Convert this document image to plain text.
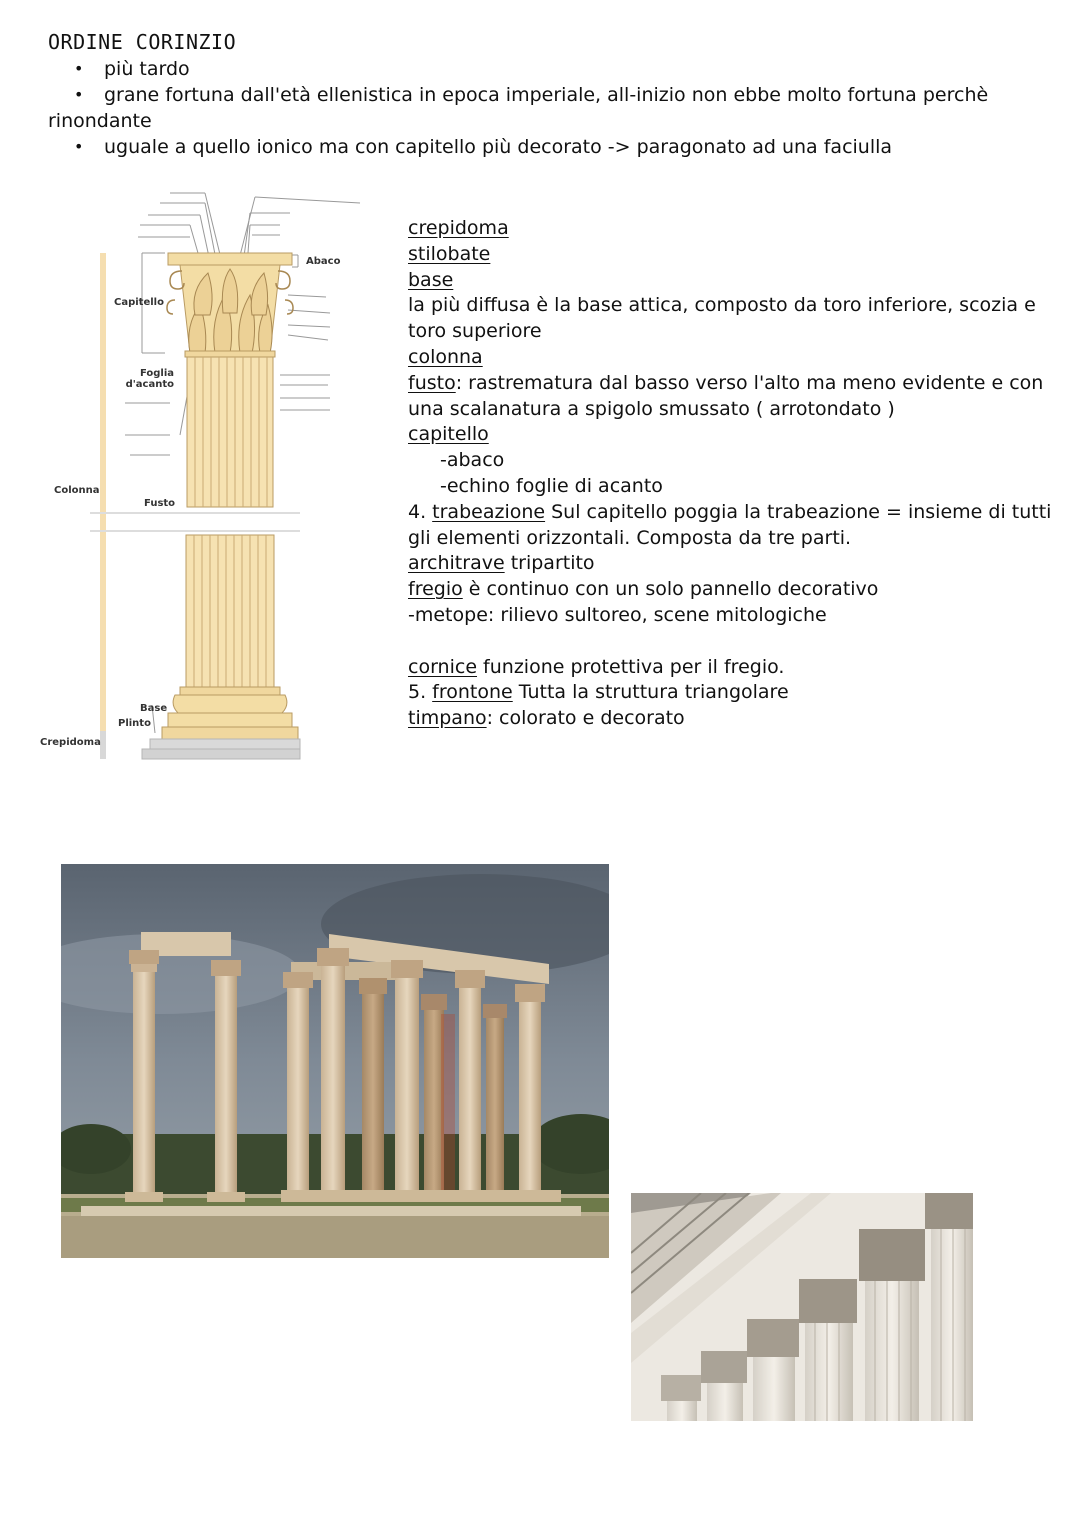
ORDINE CORINZIO
• più tardo
• grane fortuna dall'età ellenistica in epoca imperiale, all-inizio non ebbe molto fortuna perchè
rinondante
• uguale a quello ionico ma con capitello più decorato -> paragonato ad una faciulla
Abaco
Capitello
Foglia d'acanto
Colonna
Fusto
Base
Plinto
Crepidoma
crepidoma
stilobate
base
la più diffusa è la base attica, composto da toro inferiore, scozia e toro superiore
colonna
fusto: rastrematura dal basso verso l'alto ma meno evidente e con una scalanatura a spigolo smussato ( arrotondato )
capitello
-abaco
-echino foglie di acanto
4. trabeazione Sul capitello poggia la trabeazione = insieme di tutti gli elementi orizzontali. Composta da tre parti.
architrave tripartito
fregio è continuo con un solo pannello decorativo
-metope: rilievo sultoreo, scene mitologiche
cornice funzione protettiva per il fregio.
5. frontone Tutta la struttura triangolare
timpano: colorato e decorato
